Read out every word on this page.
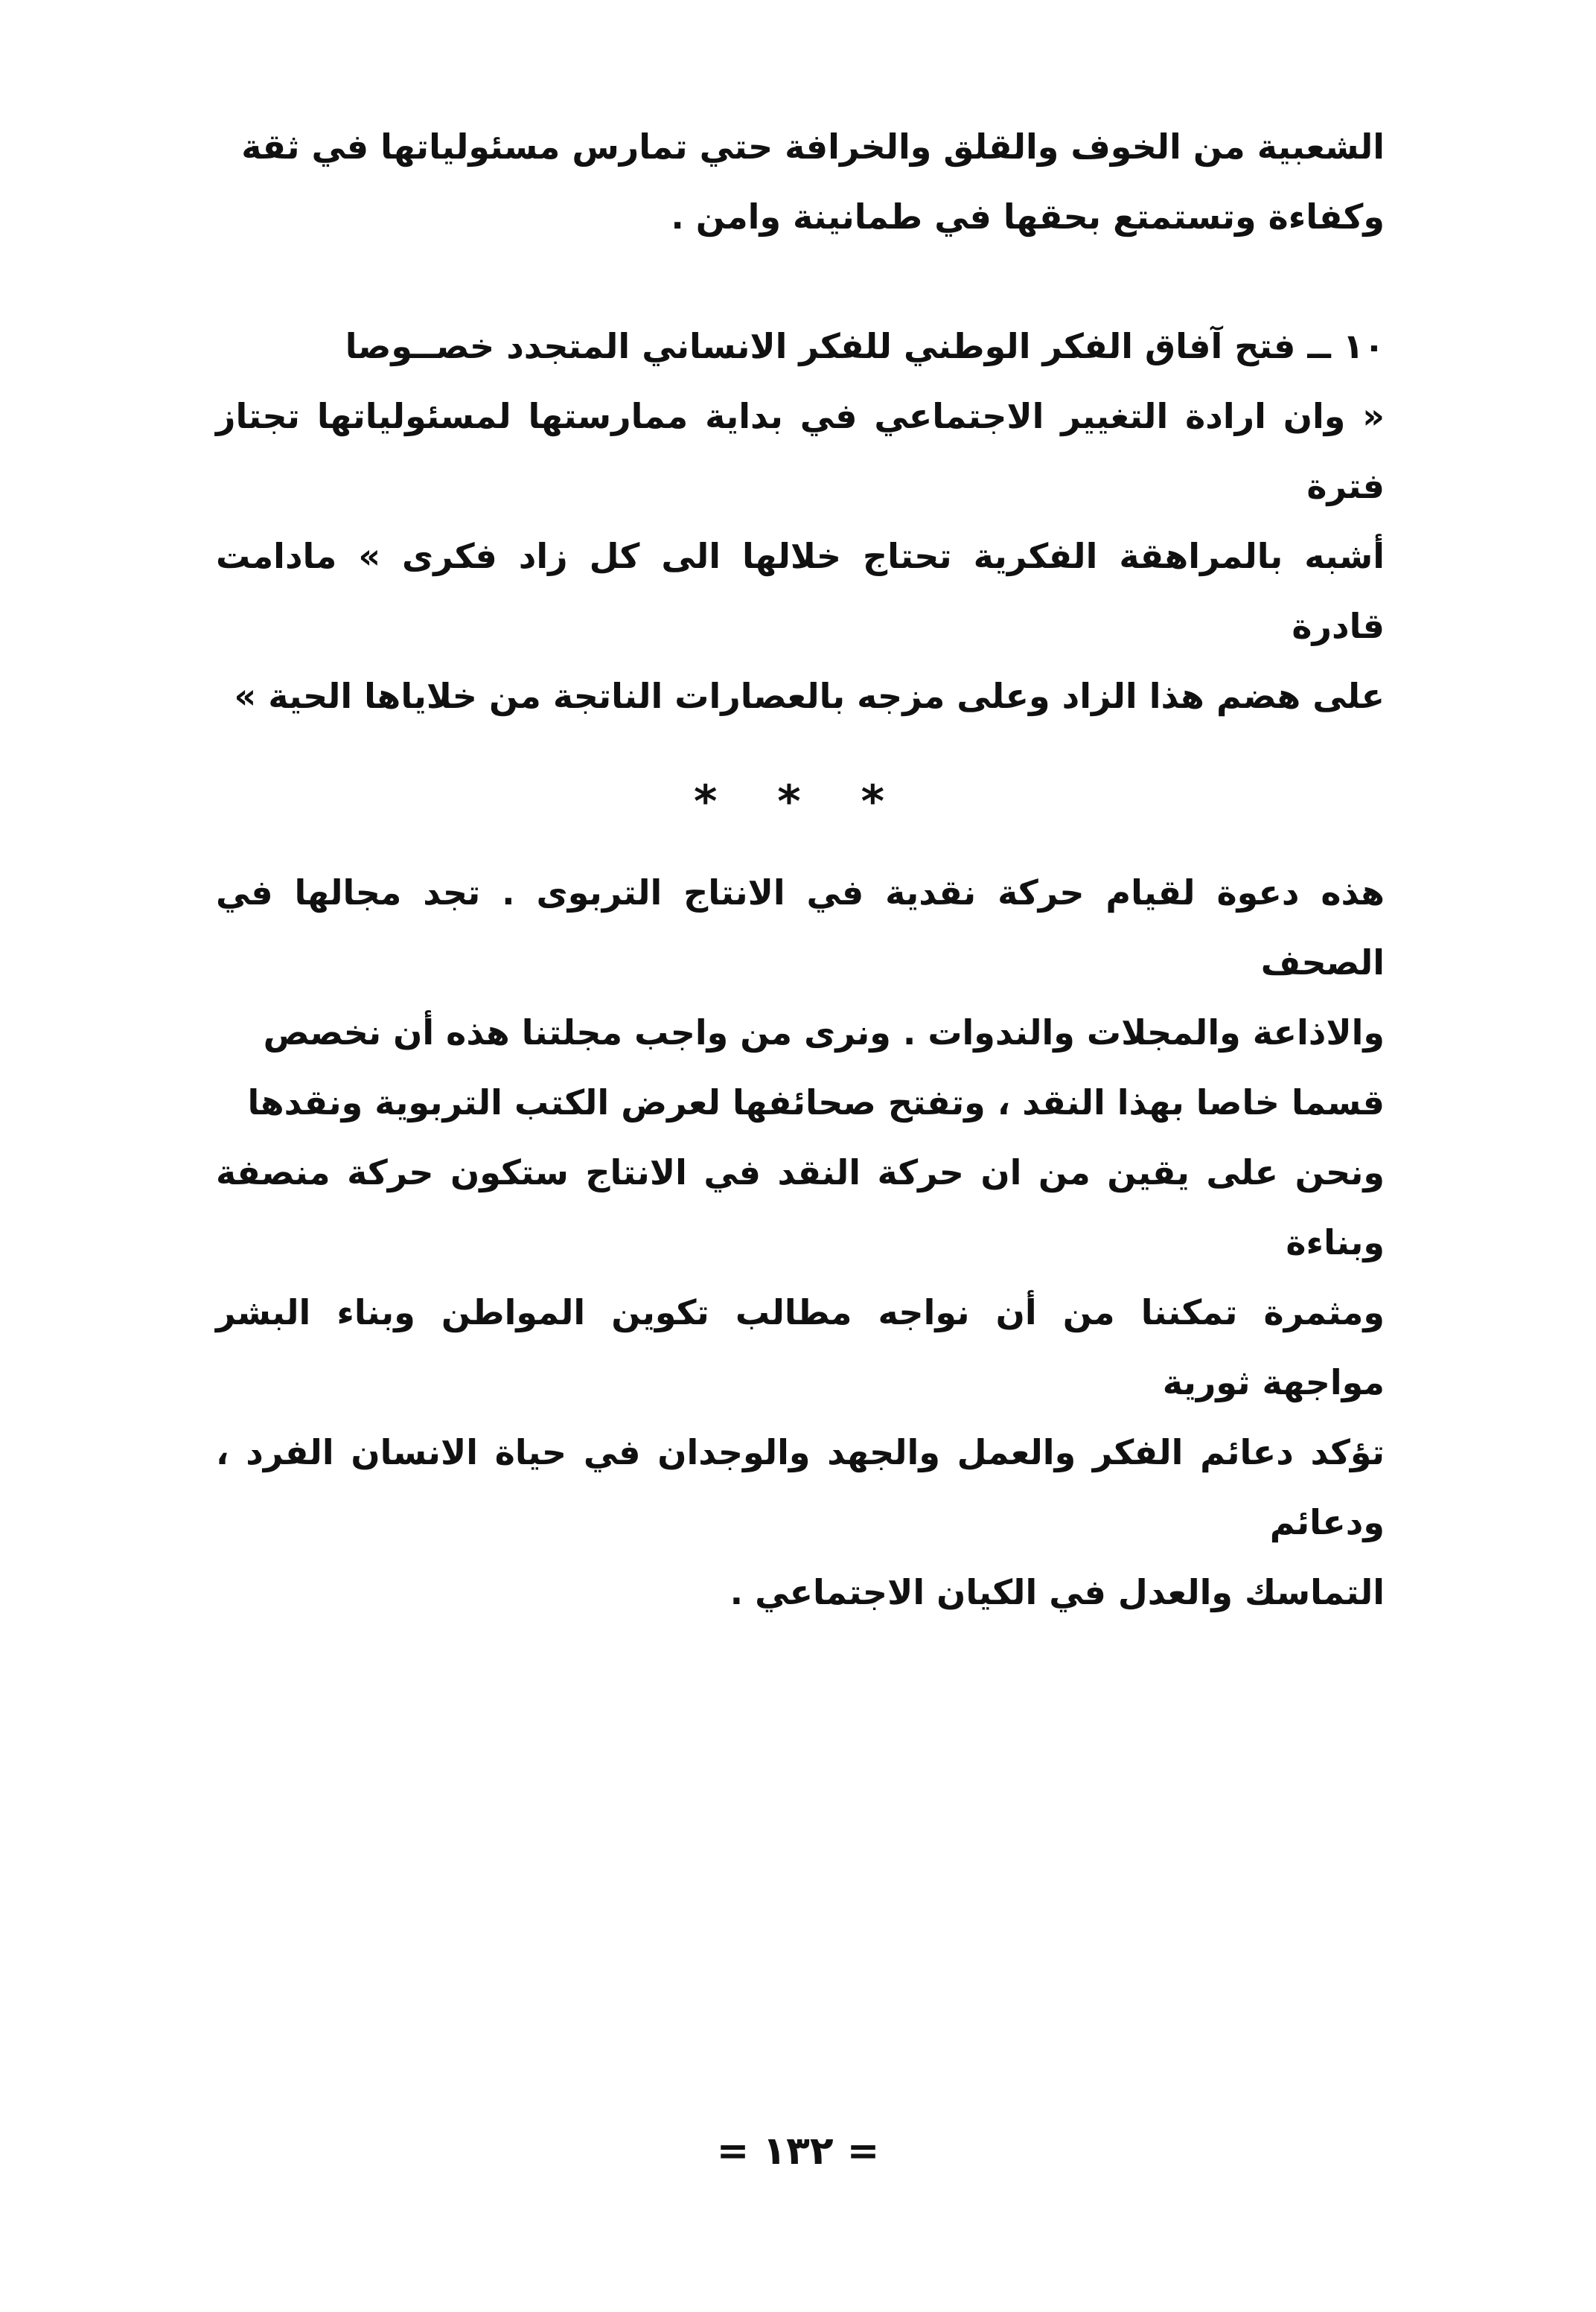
الشعبية من الخوف والقلق والخرافة حتي تمارس مسئولياتها في ثقة

وكفاءة وتستمتع بحقها في طمانينة وامن .

١٠ ــ فتح آفاق الفكر الوطني للفكر الانساني المتجدد خصــوصا

« وان ارادة التغيير الاجتماعي في بداية ممارستها لمسئولياتها تجتاز فترة

أشبه بالمراهقة الفكرية تحتاج خلالها الى كل زاد فكرى » مادامت قادرة

على هضم هذا الزاد وعلى مزجه بالعصارات الناتجة من خلاياها الحية »

* * *

هذه دعوة لقيام حركة نقدية في الانتاج التربوى . تجد مجالها في الصحف

والاذاعة والمجلات والندوات . ونرى من واجب مجلتنا هذه أن نخصص

قسما خاصا بهذا النقد ، وتفتح صحائفها لعرض الكتب التربوية ونقدها

ونحن على يقين من ان حركة النقد في الانتاج ستكون حركة منصفة وبناءة

ومثمرة تمكننا من أن نواجه مطالب تكوين المواطن وبناء البشر مواجهة ثورية

تؤكد دعائم الفكر والعمل والجهد والوجدان في حياة الانسان الفرد ، ودعائم

التماسك والعدل في الكيان الاجتماعي .

= ١٣٢ =
